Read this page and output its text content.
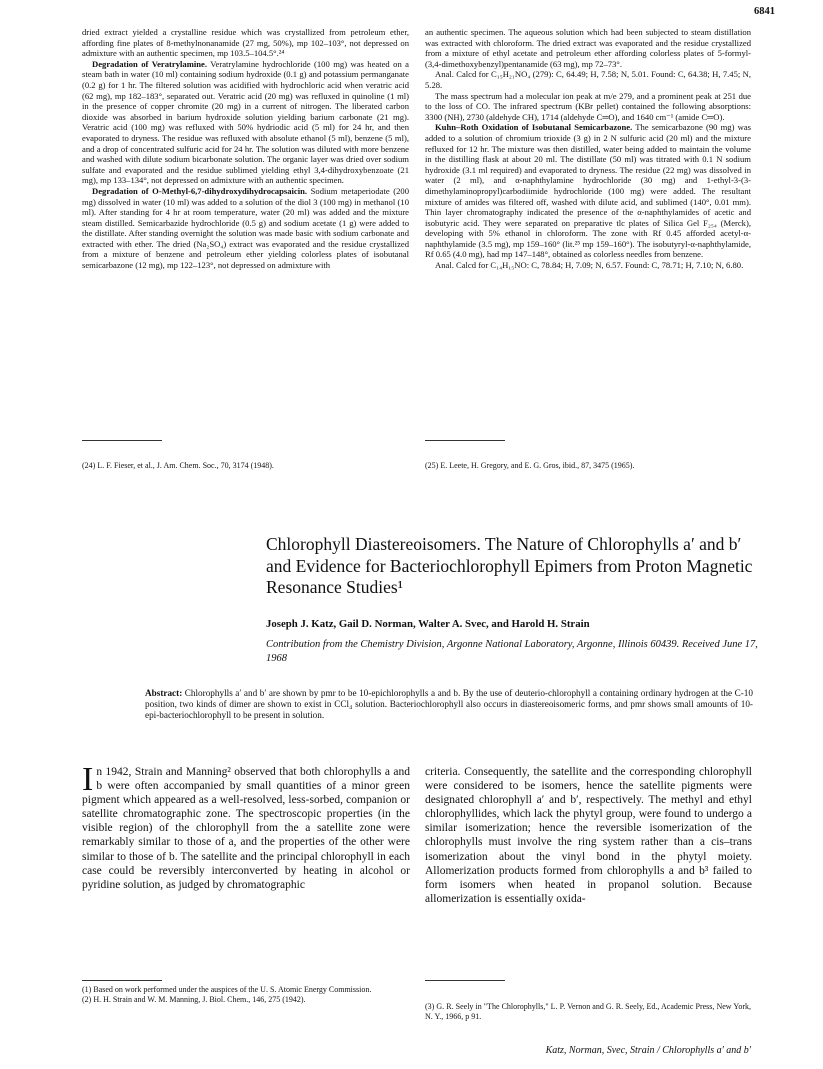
6841

dried extract yielded a crystalline residue which was crystallized from petroleum ether, affording fine plates of 8-methylnonanamide (27 mg, 50%), mp 102–103°, not depressed on admixture with an authentic specimen, mp 103.5–104.5°.²⁴

Degradation of Veratrylamine. Veratrylamine hydrochloride (100 mg) was heated on a steam bath in water (10 ml) containing sodium hydroxide (0.1 g) and potassium permanganate (0.2 g) for 1 hr. The filtered solution was acidified with hydrochloric acid when veratric acid (62 mg), mp 182–183°, separated out. Veratric acid (20 mg) was refluxed in quinoline (1 ml) in the presence of copper chromite (20 mg) in a current of nitrogen. The liberated carbon dioxide was absorbed in barium hydroxide solution yielding barium carbonate (21 mg). Veratric acid (100 mg) was refluxed with 50% hydriodic acid (5 ml) for 24 hr, and then evaporated to dryness. The residue was refluxed with absolute ethanol (5 ml), benzene (5 ml), and a drop of concentrated sulfuric acid for 24 hr. The solution was diluted with more benzene and washed with dilute sodium bicarbonate solution. The organic layer was dried over sodium sulfate and evaporated and the residue sublimed yielding ethyl 3,4-dihydroxybenzoate (21 mg), mp 133–134°, not depressed on admixture with an authentic specimen.

Degradation of O-Methyl-6,7-dihydroxydihydrocapsaicin. Sodium metaperiodate (200 mg) dissolved in water (10 ml) was added to a solution of the diol 3 (100 mg) in methanol (10 ml). After standing for 4 hr at room temperature, water (20 ml) was added and the mixture steam distilled. Semicarbazide hydrochloride (0.5 g) and sodium acetate (1 g) were added to the distillate. After standing overnight the solution was made basic with sodium carbonate and extracted with ether. The dried (Na₂SO₄) extract was evaporated and the residue crystallized from a mixture of benzene and petroleum ether yielding colorless plates of isobutanal semicarbazone (12 mg), mp 122–123°, not depressed on admixture with

an authentic specimen. The aqueous solution which had been subjected to steam distillation was extracted with chloroform. The dried extract was evaporated and the residue crystallized from a mixture of ethyl acetate and petroleum ether affording colorless plates of 5-formyl-(3,4-dimethoxybenzyl)pentanamide (63 mg), mp 72–73°.

Anal. Calcd for C₁₅H₂₁NO₄ (279): C, 64.49; H, 7.58; N, 5.01. Found: C, 64.38; H, 7.45; N, 5.28.

The mass spectrum had a molecular ion peak at m/e 279, and a prominent peak at 251 due to the loss of CO. The infrared spectrum (KBr pellet) contained the following absorptions: 3300 (NH), 2730 (aldehyde CH), 1714 (aldehyde C═O), and 1640 cm⁻¹ (amide C═O).

Kuhn–Roth Oxidation of Isobutanal Semicarbazone. The semicarbazone (90 mg) was added to a solution of chromium trioxide (3 g) in 2 N sulfuric acid (20 ml) and the mixture refluxed for 12 hr. The mixture was then distilled, water being added to maintain the volume in the distilling flask at about 20 ml. The distillate (50 ml) was titrated with 0.1 N sodium hydroxide (3.1 ml required) and evaporated to dryness. The residue (22 mg) was dissolved in water (2 ml), and α-naphthylamine hydrochloride (30 mg) and 1-ethyl-3-(3-dimethylaminopropyl)carbodiimide hydrochloride (100 mg) were added. The resultant mixture of amides was filtered off, washed with dilute acid, and sublimed (140°, 0.01 mm). Thin layer chromatography indicated the presence of the α-naphthylamides of acetic and isobutyric acid. They were separated on preparative tlc plates of Silica Gel F₂₅₄ (Merck), developing with 5% ethanol in chloroform. The zone with Rf 0.45 afforded acetyl-α-naphthylamide (3.5 mg), mp 159–160° (lit.²⁵ mp 159–160°). The isobutyryl-α-naphthylamide, Rf 0.65 (4.0 mg), had mp 147–148°, obtained as colorless needles from benzene.

Anal. Calcd for C₁₄H₁₅NO: C, 78.84; H, 7.09; N, 6.57. Found: C, 78.71; H, 7.10; N, 6.80.

(24) L. F. Fieser, et al., J. Am. Chem. Soc., 70, 3174 (1948).	(25) E. Leete, H. Gregory, and E. G. Gros, ibid., 87, 3475 (1965).
Chlorophyll Diastereoisomers. The Nature of Chlorophylls a′ and b′ and Evidence for Bacteriochlorophyll Epimers from Proton Magnetic Resonance Studies¹
Joseph J. Katz, Gail D. Norman, Walter A. Svec, and Harold H. Strain
Contribution from the Chemistry Division, Argonne National Laboratory, Argonne, Illinois 60439. Received June 17, 1968
Abstract: Chlorophylls a′ and b′ are shown by pmr to be 10-epichlorophylls a and b. By the use of deuterio-chlorophyll a containing ordinary hydrogen at the C-10 position, two kinds of dimer are shown to exist in CCl₄ solution. Bacteriochlorophyll also occurs in diastereoisomeric forms, and pmr shows small amounts of 10-epi-bacteriochlorophyll to be present in solution.
In 1942, Strain and Manning² observed that both chlorophylls a and b were often accompanied by small quantities of a minor green pigment which appeared as a well-resolved, less-sorbed, companion or satellite chromatographic zone. The spectroscopic properties (in the visible region) of the chlorophyll from the a satellite zone were remarkably similar to those of a, and the properties of the other were similar to those of b. The satellite and the principal chlorophyll in each case could be reversibly interconverted by heating in alcohol or pyridine solution, as judged by chromatographic
criteria. Consequently, the satellite and the corresponding chlorophyll were considered to be isomers, hence the satellite pigments were designated chlorophyll a′ and b′, respectively. The methyl and ethyl chlorophyllides, which lack the phytyl group, were found to undergo a similar isomerization; hence the reversible isomerization of the chlorophylls must involve the ring system rather than a cis–trans isomerization about the vinyl bond in the phytyl moiety. Allomerization products formed from chlorophylls a and b³ failed to form isomers when heated in propanol solution. Because allomerization is essentially oxida-
(1) Based on work performed under the auspices of the U. S. Atomic Energy Commission.
(2) H. H. Strain and W. M. Manning, J. Biol. Chem., 146, 275 (1942).
(3) G. R. Seely in "The Chlorophylls," L. P. Vernon and G. R. Seely, Ed., Academic Press, New York, N. Y., 1966, p 91.
Katz, Norman, Svec, Strain / Chlorophylls a′ and b′
